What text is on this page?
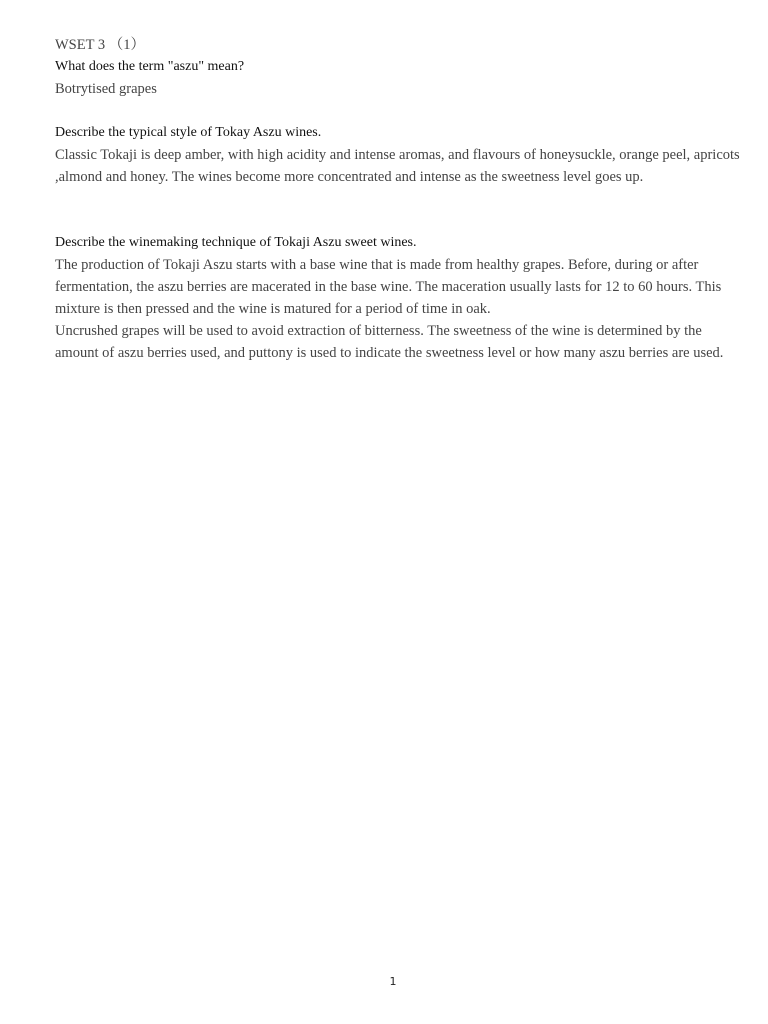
WSET 3 （1）

What does the term "aszu" mean?

Botrytised grapes

Describe the typical style of Tokay Aszu wines.

Classic Tokaji is deep amber, with high acidity and intense aromas, and flavours of honeysuckle, orange peel, apricots ,almond and honey. The wines become more concentrated and intense as the sweetness level goes up.

Describe the winemaking technique of Tokaji Aszu sweet wines.

The production of Tokaji Aszu starts with a base wine that is made from healthy grapes. Before, during or after fermentation, the aszu berries are macerated in the base wine. The maceration usually lasts for 12 to 60 hours. This mixture is then pressed and the wine is matured for a period of time in oak.

Uncrushed grapes will be used to avoid extraction of bitterness. The sweetness of the wine is determined by the amount of aszu berries used, and puttony is used to indicate the sweetness level or how many aszu berries are used.

1
